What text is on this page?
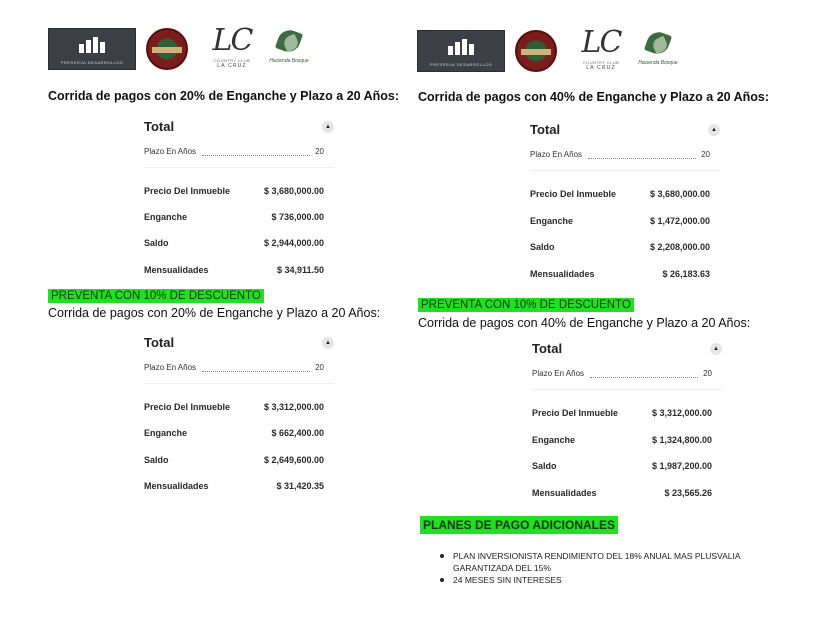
PRESERVA DESARROLLOS
LC
COUNTRY CLUB
LA CRUZ
Hacienda Bosque
Corrida de pagos con 20% de Enganche y Plazo a 20 Años:
Total	▲
Plazo En Años	20
Precio Del Inmueble	$ 3,680,000.00
Enganche	$ 736,000.00
Saldo	$ 2,944,000.00
Mensualidades	$ 34,911.50
PREVENTA CON 10% DE DESCUENTO
Corrida de pagos con 20% de Enganche y Plazo a 20 Años:
Total	▲
Plazo En Años	20
Precio Del Inmueble	$ 3,312,000.00
Enganche	$ 662,400.00
Saldo	$ 2,649,600.00
Mensualidades	$ 31,420.35
PRESERVA DESARROLLOS
LC
COUNTRY CLUB
LA CRUZ
Hacienda Bosque
Corrida de pagos con 40% de Enganche y Plazo a 20 Años:
Total	▲
Plazo En Años	20
Precio Del Inmueble	$ 3,680,000.00
Enganche	$ 1,472,000.00
Saldo	$ 2,208,000.00
Mensualidades	$ 26,183.63
PREVENTA CON 10% DE DESCUENTO
Corrida de pagos con 40% de Enganche y Plazo a 20 Años:
Total	▲
Plazo En Años	20
Precio Del Inmueble	$ 3,312,000.00
Enganche	$ 1,324,800.00
Saldo	$ 1,987,200.00
Mensualidades	$ 23,565.26
PLANES DE PAGO ADICIONALES
PLAN INVERSIONISTA RENDIMIENTO DEL 18% ANUAL MAS PLUSVALIA GARANTIZADA DEL 15%
24 MESES SIN INTERESES
